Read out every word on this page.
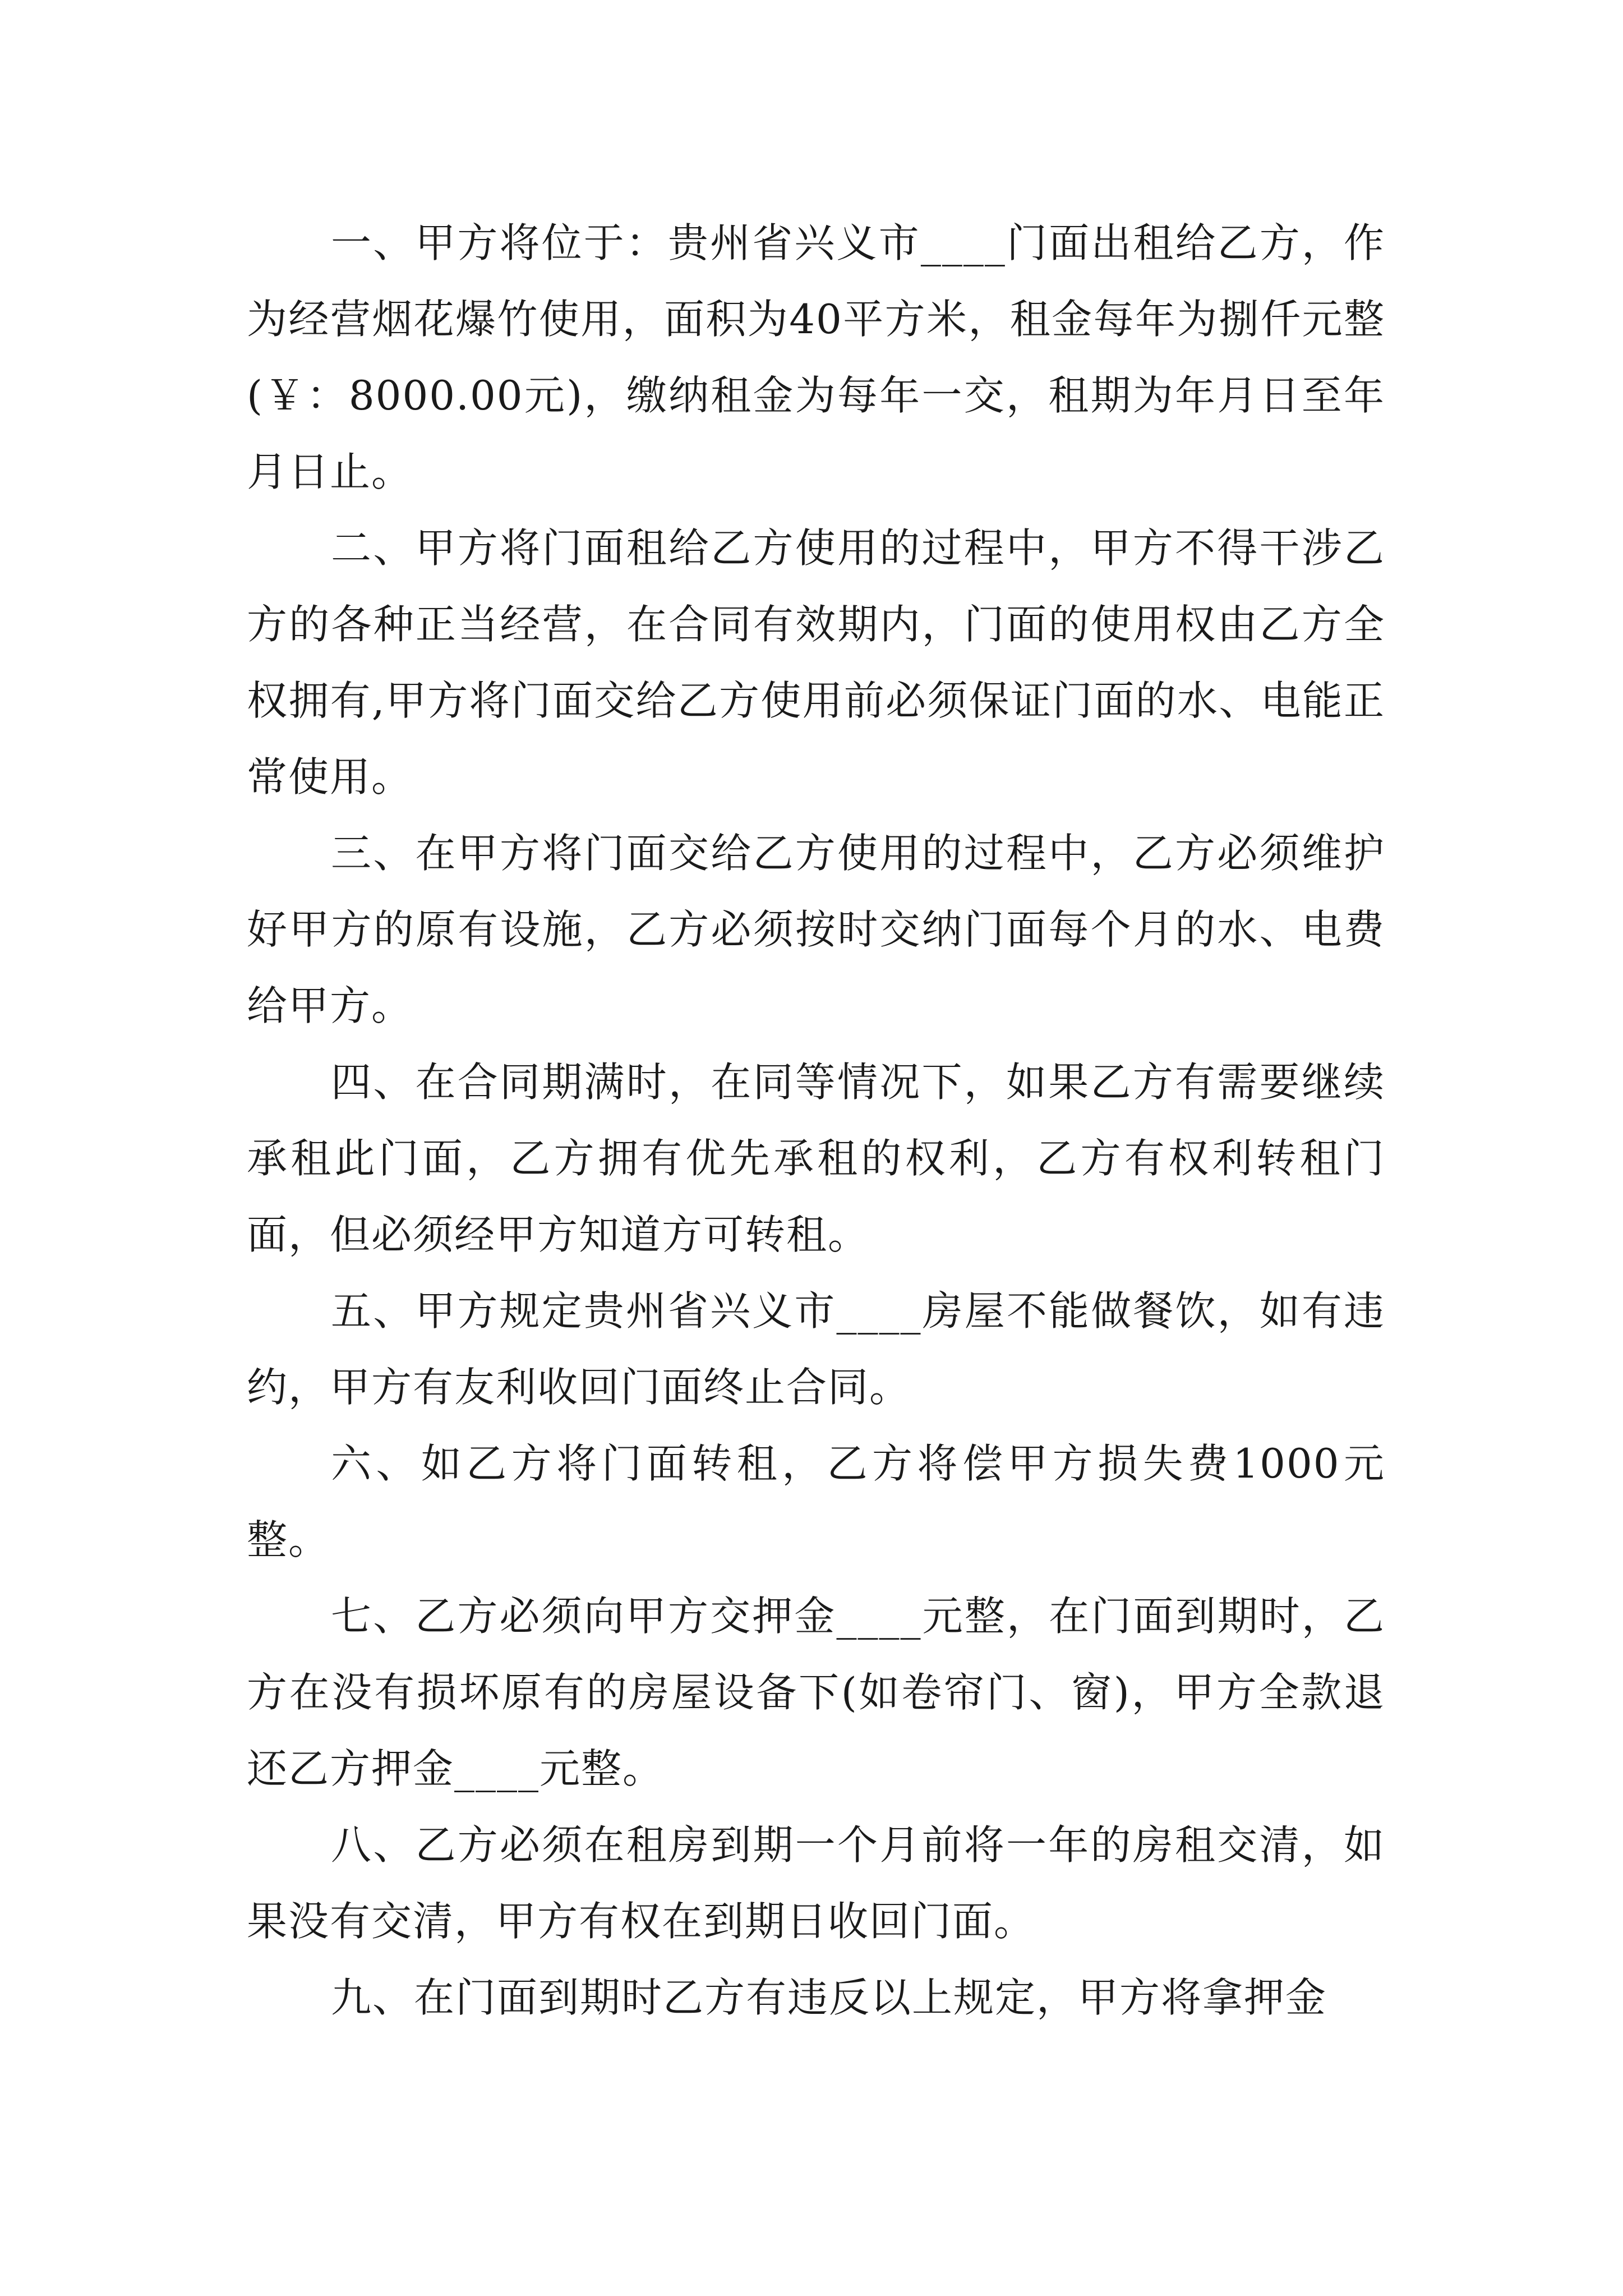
一、甲方将位于：贵州省兴义市____门面出租给乙方，作为经营烟花爆竹使用，面积为40平方米，租金每年为捌仟元整(￥：8000.00元)，缴纳租金为每年一交，租期为年月日至年月日止。

二、甲方将门面租给乙方使用的过程中，甲方不得干涉乙方的各种正当经营，在合同有效期内，门面的使用权由乙方全权拥有,甲方将门面交给乙方使用前必须保证门面的水、电能正常使用。

三、在甲方将门面交给乙方使用的过程中，乙方必须维护好甲方的原有设施，乙方必须按时交纳门面每个月的水、电费给甲方。

四、在合同期满时，在同等情况下，如果乙方有需要继续承租此门面，乙方拥有优先承租的权利，乙方有权利转租门面，但必须经甲方知道方可转租。

五、甲方规定贵州省兴义市____房屋不能做餐饮，如有违约，甲方有友利收回门面终止合同。

六、如乙方将门面转租，乙方将偿甲方损失费1000元整。

七、乙方必须向甲方交押金____元整，在门面到期时，乙方在没有损坏原有的房屋设备下(如卷帘门、窗)，甲方全款退还乙方押金____元整。

八、乙方必须在租房到期一个月前将一年的房租交清，如果没有交清，甲方有权在到期日收回门面。

九、在门面到期时乙方有违反以上规定，甲方将拿押金
